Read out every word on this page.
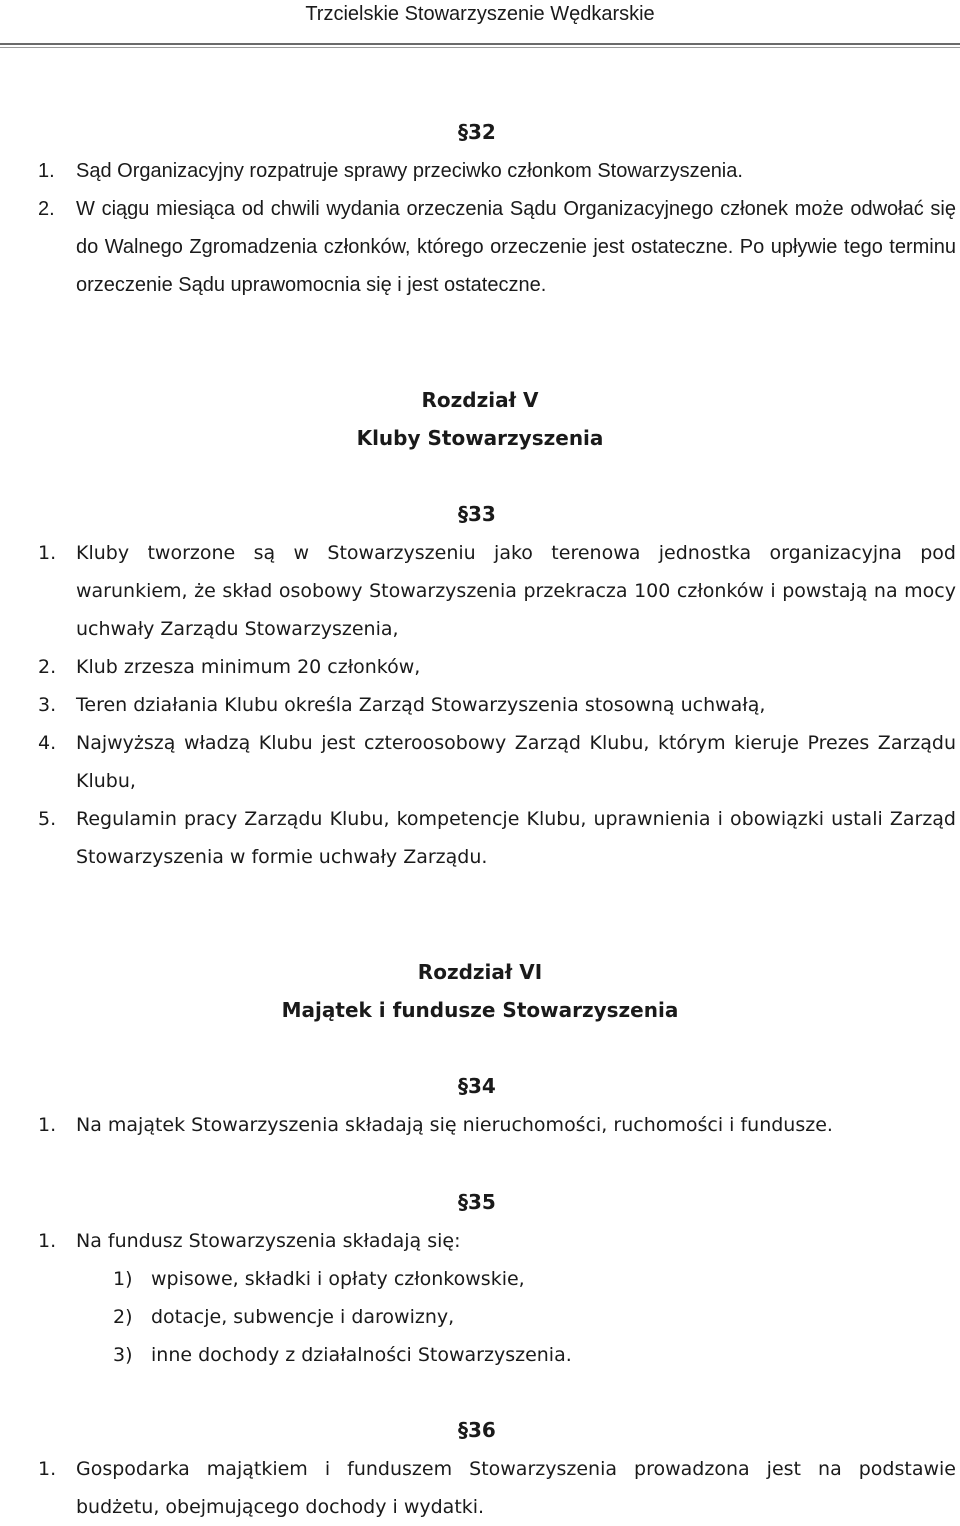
Trzcielskie Stowarzyszenie Wędkarskie
§32
1. Sąd Organizacyjny rozpatruje sprawy przeciwko członkom Stowarzyszenia.
2. W ciągu miesiąca od chwili wydania orzeczenia Sądu Organizacyjnego członek może odwołać się do Walnego Zgromadzenia członków, którego orzeczenie jest ostateczne. Po upływie tego terminu orzeczenie Sądu uprawomocnia się i jest ostateczne.
Rozdział V
Kluby Stowarzyszenia
§33
1. Kluby tworzone są w Stowarzyszeniu jako terenowa jednostka organizacyjna pod warunkiem, że skład osobowy Stowarzyszenia przekracza 100 członków i powstają na mocy uchwały Zarządu Stowarzyszenia,
2. Klub zrzesza minimum 20 członków,
3. Teren działania Klubu określa Zarząd Stowarzyszenia stosowną uchwałą,
4. Najwyższą władzą Klubu jest czteroosobowy Zarząd Klubu, którym kieruje Prezes Zarządu Klubu,
5. Regulamin pracy Zarządu Klubu, kompetencje Klubu, uprawnienia i obowiązki ustali Zarząd Stowarzyszenia w formie uchwały Zarządu.
Rozdział VI
Majątek i fundusze Stowarzyszenia
§34
1. Na majątek Stowarzyszenia składają się nieruchomości, ruchomości i fundusze.
§35
1. Na fundusz Stowarzyszenia składają się:
1) wpisowe, składki i opłaty członkowskie,
2) dotacje, subwencje i darowizny,
3) inne dochody z działalności Stowarzyszenia.
§36
1. Gospodarka majątkiem i funduszem Stowarzyszenia prowadzona jest na podstawie budżetu, obejmującego dochody i wydatki.
